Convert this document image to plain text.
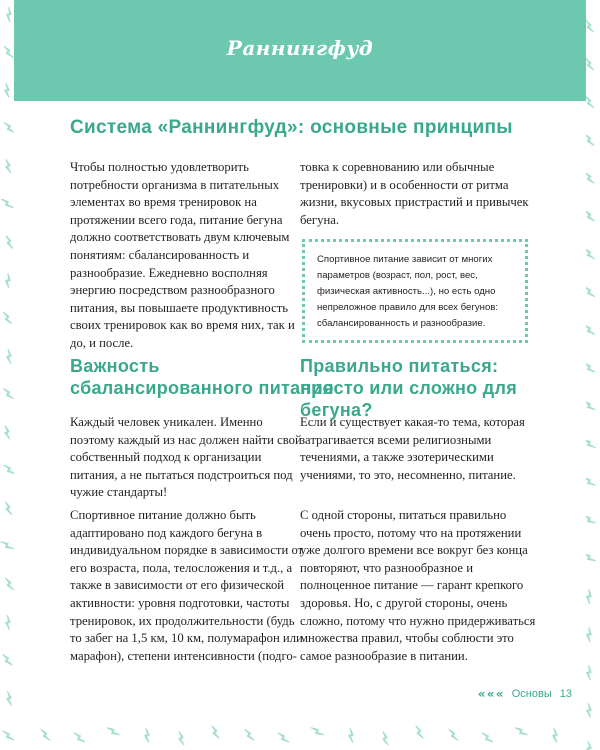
Раннингфуд
Система «Раннингфуд»: основные принципы

Чтобы полностью удовлетворить потребности организма в питательных элементах во время тренировок на протяжении всего года, питание бегуна должно соответствовать двум ключевым понятиям: сбалансированность и разнообразие. Ежедневно восполняя энергию посредством разнообразного питания, вы повышаете продуктивность своих тренировок как во время них, так и до, и после.

товка к соревнованию или обычные тренировки) и в особенности от ритма жизни, вкусовых пристрастий и привычек бегуна.

Спортивное питание зависит от многих параметров (возраст, пол, рост, вес, физическая активность...), но есть одно непреложное правило для всех бегунов: сбалансированность и разнообразие.

Важность
сбалансированного питания
Правильно питаться:
просто или сложно для бегуна?

Каждый человек уникален. Именно поэтому каждый из нас должен найти свой собственный подход к организации питания, а не пытаться подстроиться под чужие стандарты!

Спортивное питание должно быть адаптировано под каждого бегуна в индивидуальном порядке в зависимости от его возраста, пола, телосложения и т.д., а также в зависимости от его физической активности: уровня подготовки, частоты тренировок, их продолжительности (будь то забег на 1,5 км, 10 км, полумарафон или марафон), степени интенсивности (подго-

Если и существует какая-то тема, которая затрагивается всеми религиозными течениями, а также эзотерическими учениями, то это, несомненно, питание.

С одной стороны, питаться правильно очень просто, потому что на протяжении уже долгого времени все вокруг без конца повторяют, что разнообразное и полноценное питание — гарант крепкого здоровья. Но, с другой стороны, очень сложно, потому что нужно придерживаться множества правил, чтобы соблюсти это самое разнообразие в питании.

« « « Основы 13
